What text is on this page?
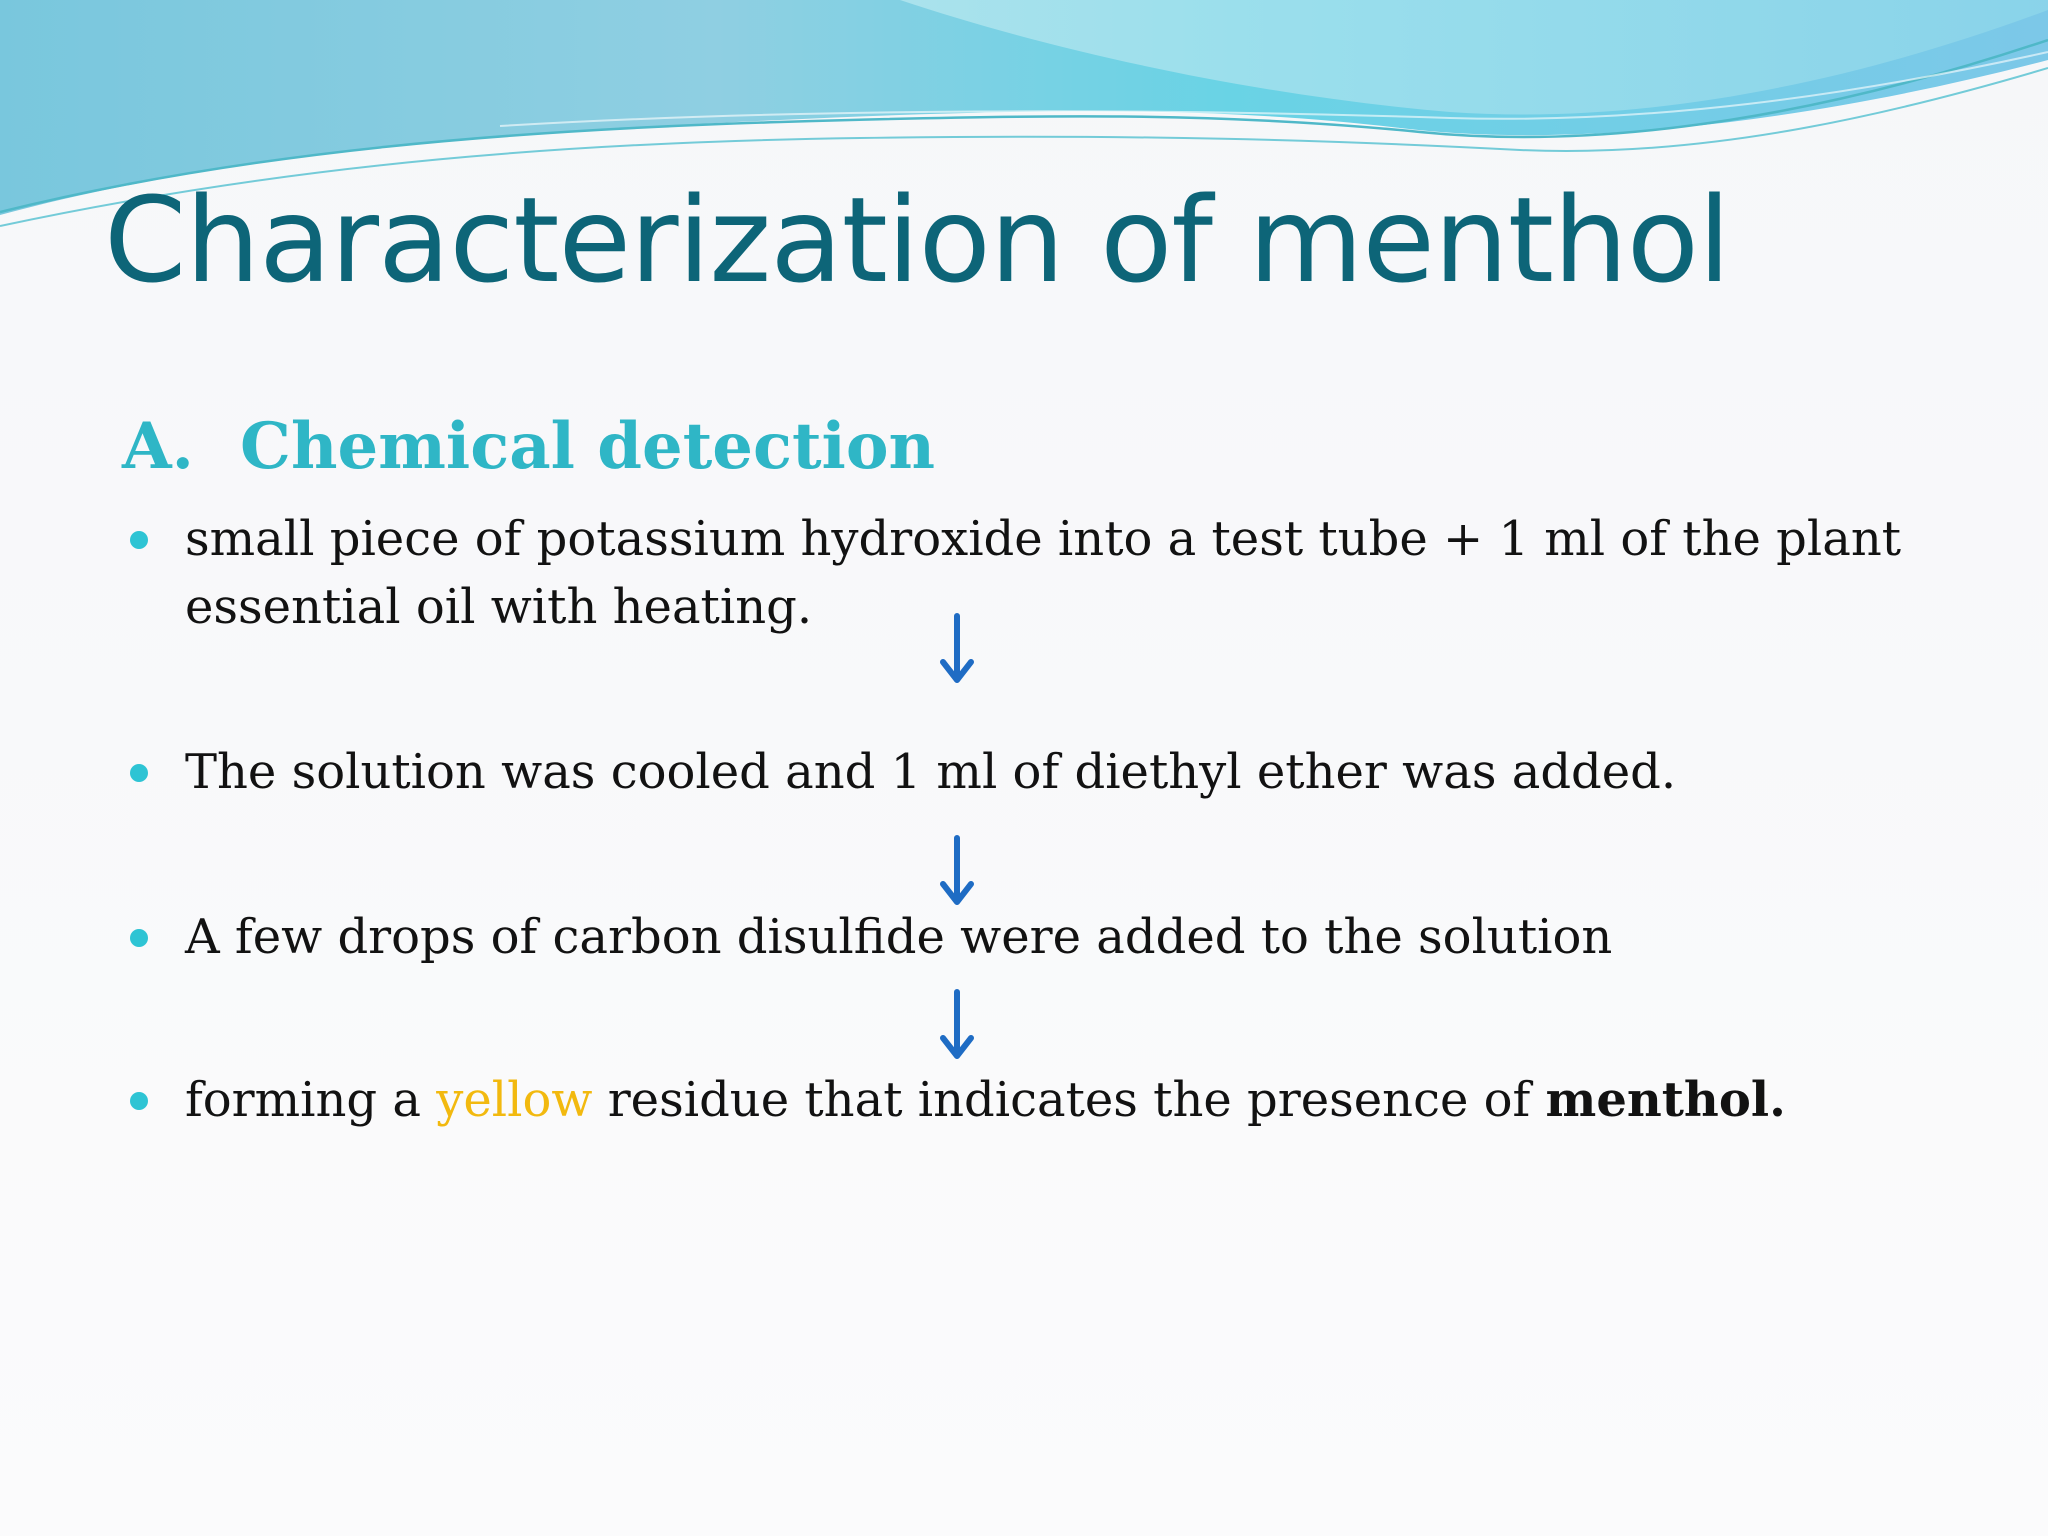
Characterization of menthol
A. Chemical detection
small piece of potassium hydroxide into a test tube + 1 ml of the plant essential oil with heating.
The solution was cooled and 1 ml of diethyl ether was added.
A few drops of carbon disulfide were added to the solution
forming a yellow residue that indicates the presence of menthol.
